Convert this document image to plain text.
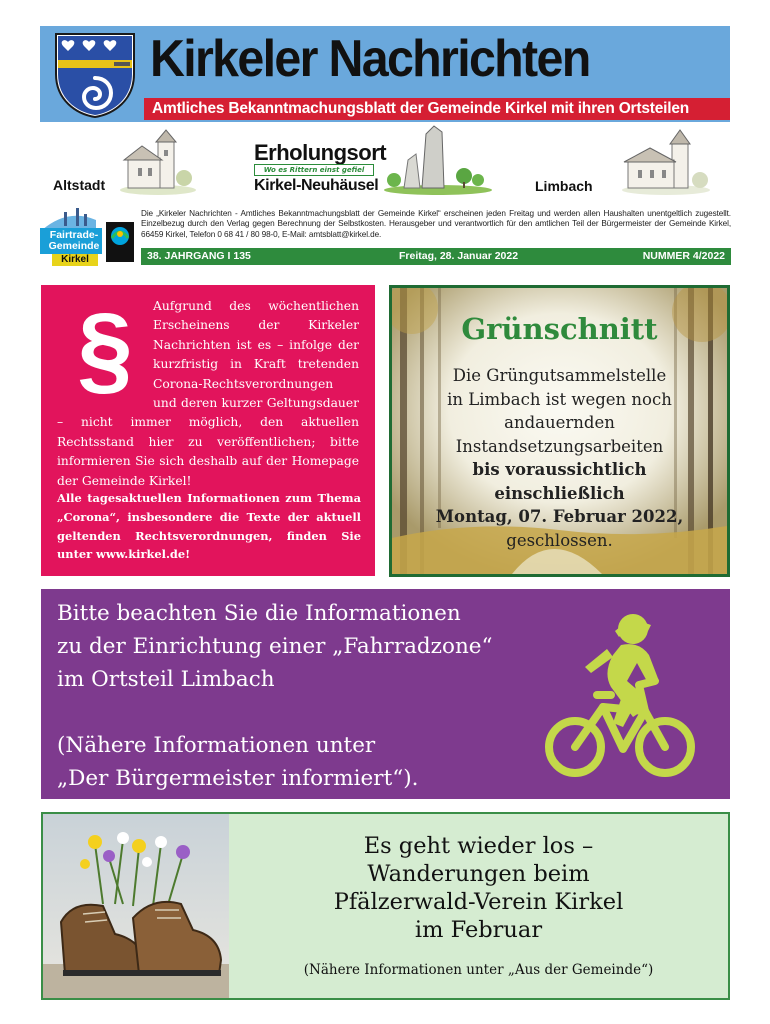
Kirkeler Nachrichten
Amtliches Bekanntmachungsblatt der Gemeinde Kirkel mit ihren Ortsteilen
Altstadt
Erholungsort
Wo es Rittern einst gefiel
Kirkel-Neuhäusel	Limbach
Fairtrade-
Gemeinde
Kirkel
Die „Kirkeler Nachrichten - Amtliches Bekanntmachungsblatt der Gemeinde Kirkel“ erscheinen jeden Freitag und werden allen Haushalten unentgeltlich zugestellt. Einzelbezug durch den Verlag gegen Berechnung der Selbstkosten. Herausgeber und verantwortlich für den amtlichen Teil der Bürgermeister der Gemeinde Kirkel, 66459 Kirkel, Telefon 0 68 41 / 80 98-0, E-Mail: amtsblatt@kirkel.de.
38. JAHRGANG I 135	Freitag, 28. Januar 2022	NUMMER 4/2022
§	Aufgrund des wöchentlichen Erscheinens der Kirkeler Nachrichten ist es – infolge der kurzfristig in Kraft tretenden Corona-Rechtsverordnungen und deren kurzer Geltungsdauer – nicht immer möglich, den aktuellen Rechtsstand hier zu veröffentlichen; bitte informieren Sie sich deshalb auf der Homepage der Gemeinde Kirkel!
Alle tagesaktuellen Informationen zum Thema „Corona“, insbesondere die Texte der aktuell geltenden Rechtsverordnungen, finden Sie unter www.kirkel.de!
Grünschnitt
Die Grüngutsammelstelle
in Limbach ist wegen noch
andauernden
Instandsetzungsarbeiten
bis voraussichtlich
einschließlich
Montag, 07. Februar 2022,
geschlossen.
Bitte beachten Sie die Informationen
zu der Einrichtung einer „Fahrradzone“
im Ortsteil Limbach

(Nähere Informationen unter
„Der Bürgermeister informiert“).
Es geht wieder los –
Wanderungen beim
Pfälzerwald-Verein Kirkel
im Februar
(Nähere Informationen unter „Aus der Gemeinde“)
